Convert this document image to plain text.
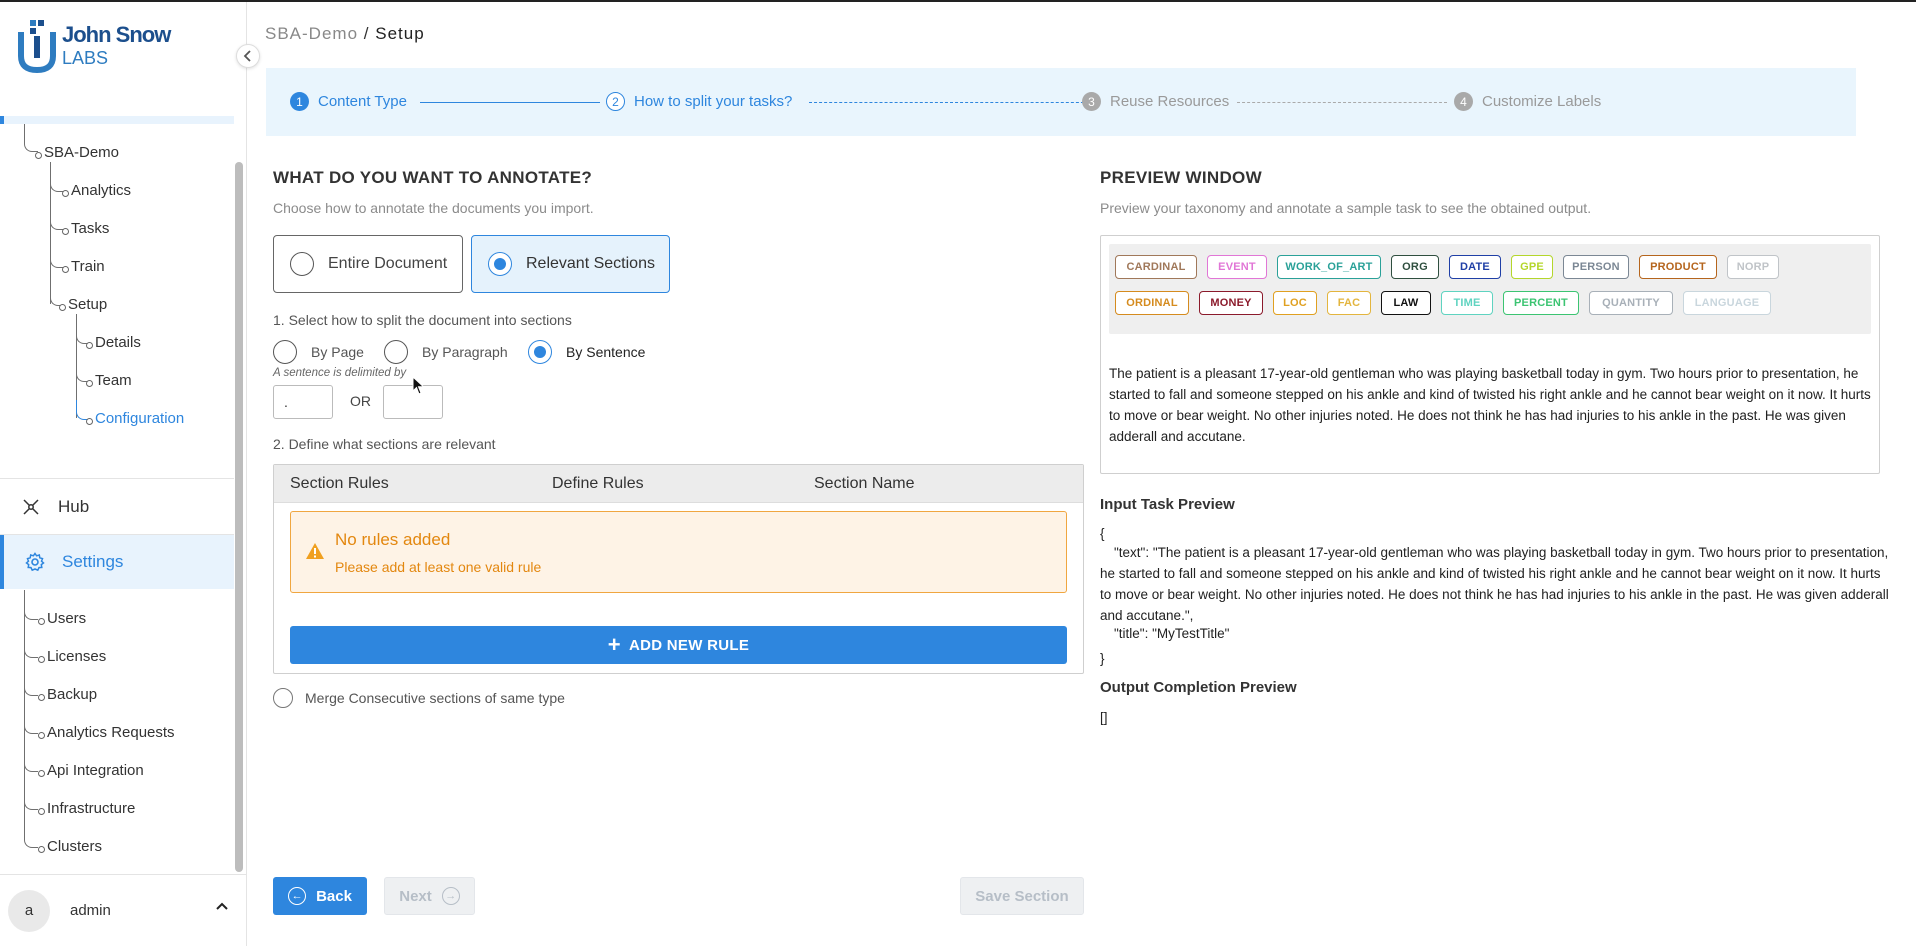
John Snow
LABS
SBA-Demo
Analytics
Tasks
Train
Setup
Details
Team
Configuration
Hub
Settings
Users
Licenses
Backup
Analytics Requests
Api Integration
Infrastructure
Clusters
a	admin
SBA-Demo / Setup
1	Content Type	2	How to split your tasks?	3	Reuse Resources	4	Customize Labels
WHAT DO YOU WANT TO ANNOTATE?
Choose how to annotate the documents you import.
Entire Document	Relevant Sections
1. Select how to split the document into sections
By Page	By Paragraph	By Sentence
A sentence is delimited by
.
OR
2. Define what sections are relevant
Section Rules	Define Rules	Section Name
No rules added
Please add at least one valid rule
+ ADD NEW RULE
Merge Consecutive sections of same type
← Back	Next	→	Save Section
PREVIEW WINDOW
Preview your taxonomy and annotate a sample task to see the obtained output.
CARDINAL	EVENT	WORK_OF_ART	ORG	DATE	GPE	PERSON	PRODUCT	NORP
ORDINAL	MONEY	LOC	FAC	LAW	TIME	PERCENT	QUANTITY	LANGUAGE
The patient is a pleasant 17-year-old gentleman who was playing basketball today in gym. Two hours prior to presentation, he started to fall and someone stepped on his ankle and kind of twisted his right ankle and he cannot bear weight on it now. It hurts to move or bear weight. No other injuries noted. He does not think he has had injuries to his ankle in the past. He was given adderall and accutane.
Input Task Preview
{
"text": "The patient is a pleasant 17-year-old gentleman who was playing basketball today in gym. Two hours prior to presentation, he started to fall and someone stepped on his ankle and kind of twisted his right ankle and he cannot bear weight on it now. It hurts to move or bear weight. No other injuries noted. He does not think he has had injuries to his ankle in the past. He was given adderall and accutane.",
"title": "MyTestTitle"
}
Output Completion Preview
[]
